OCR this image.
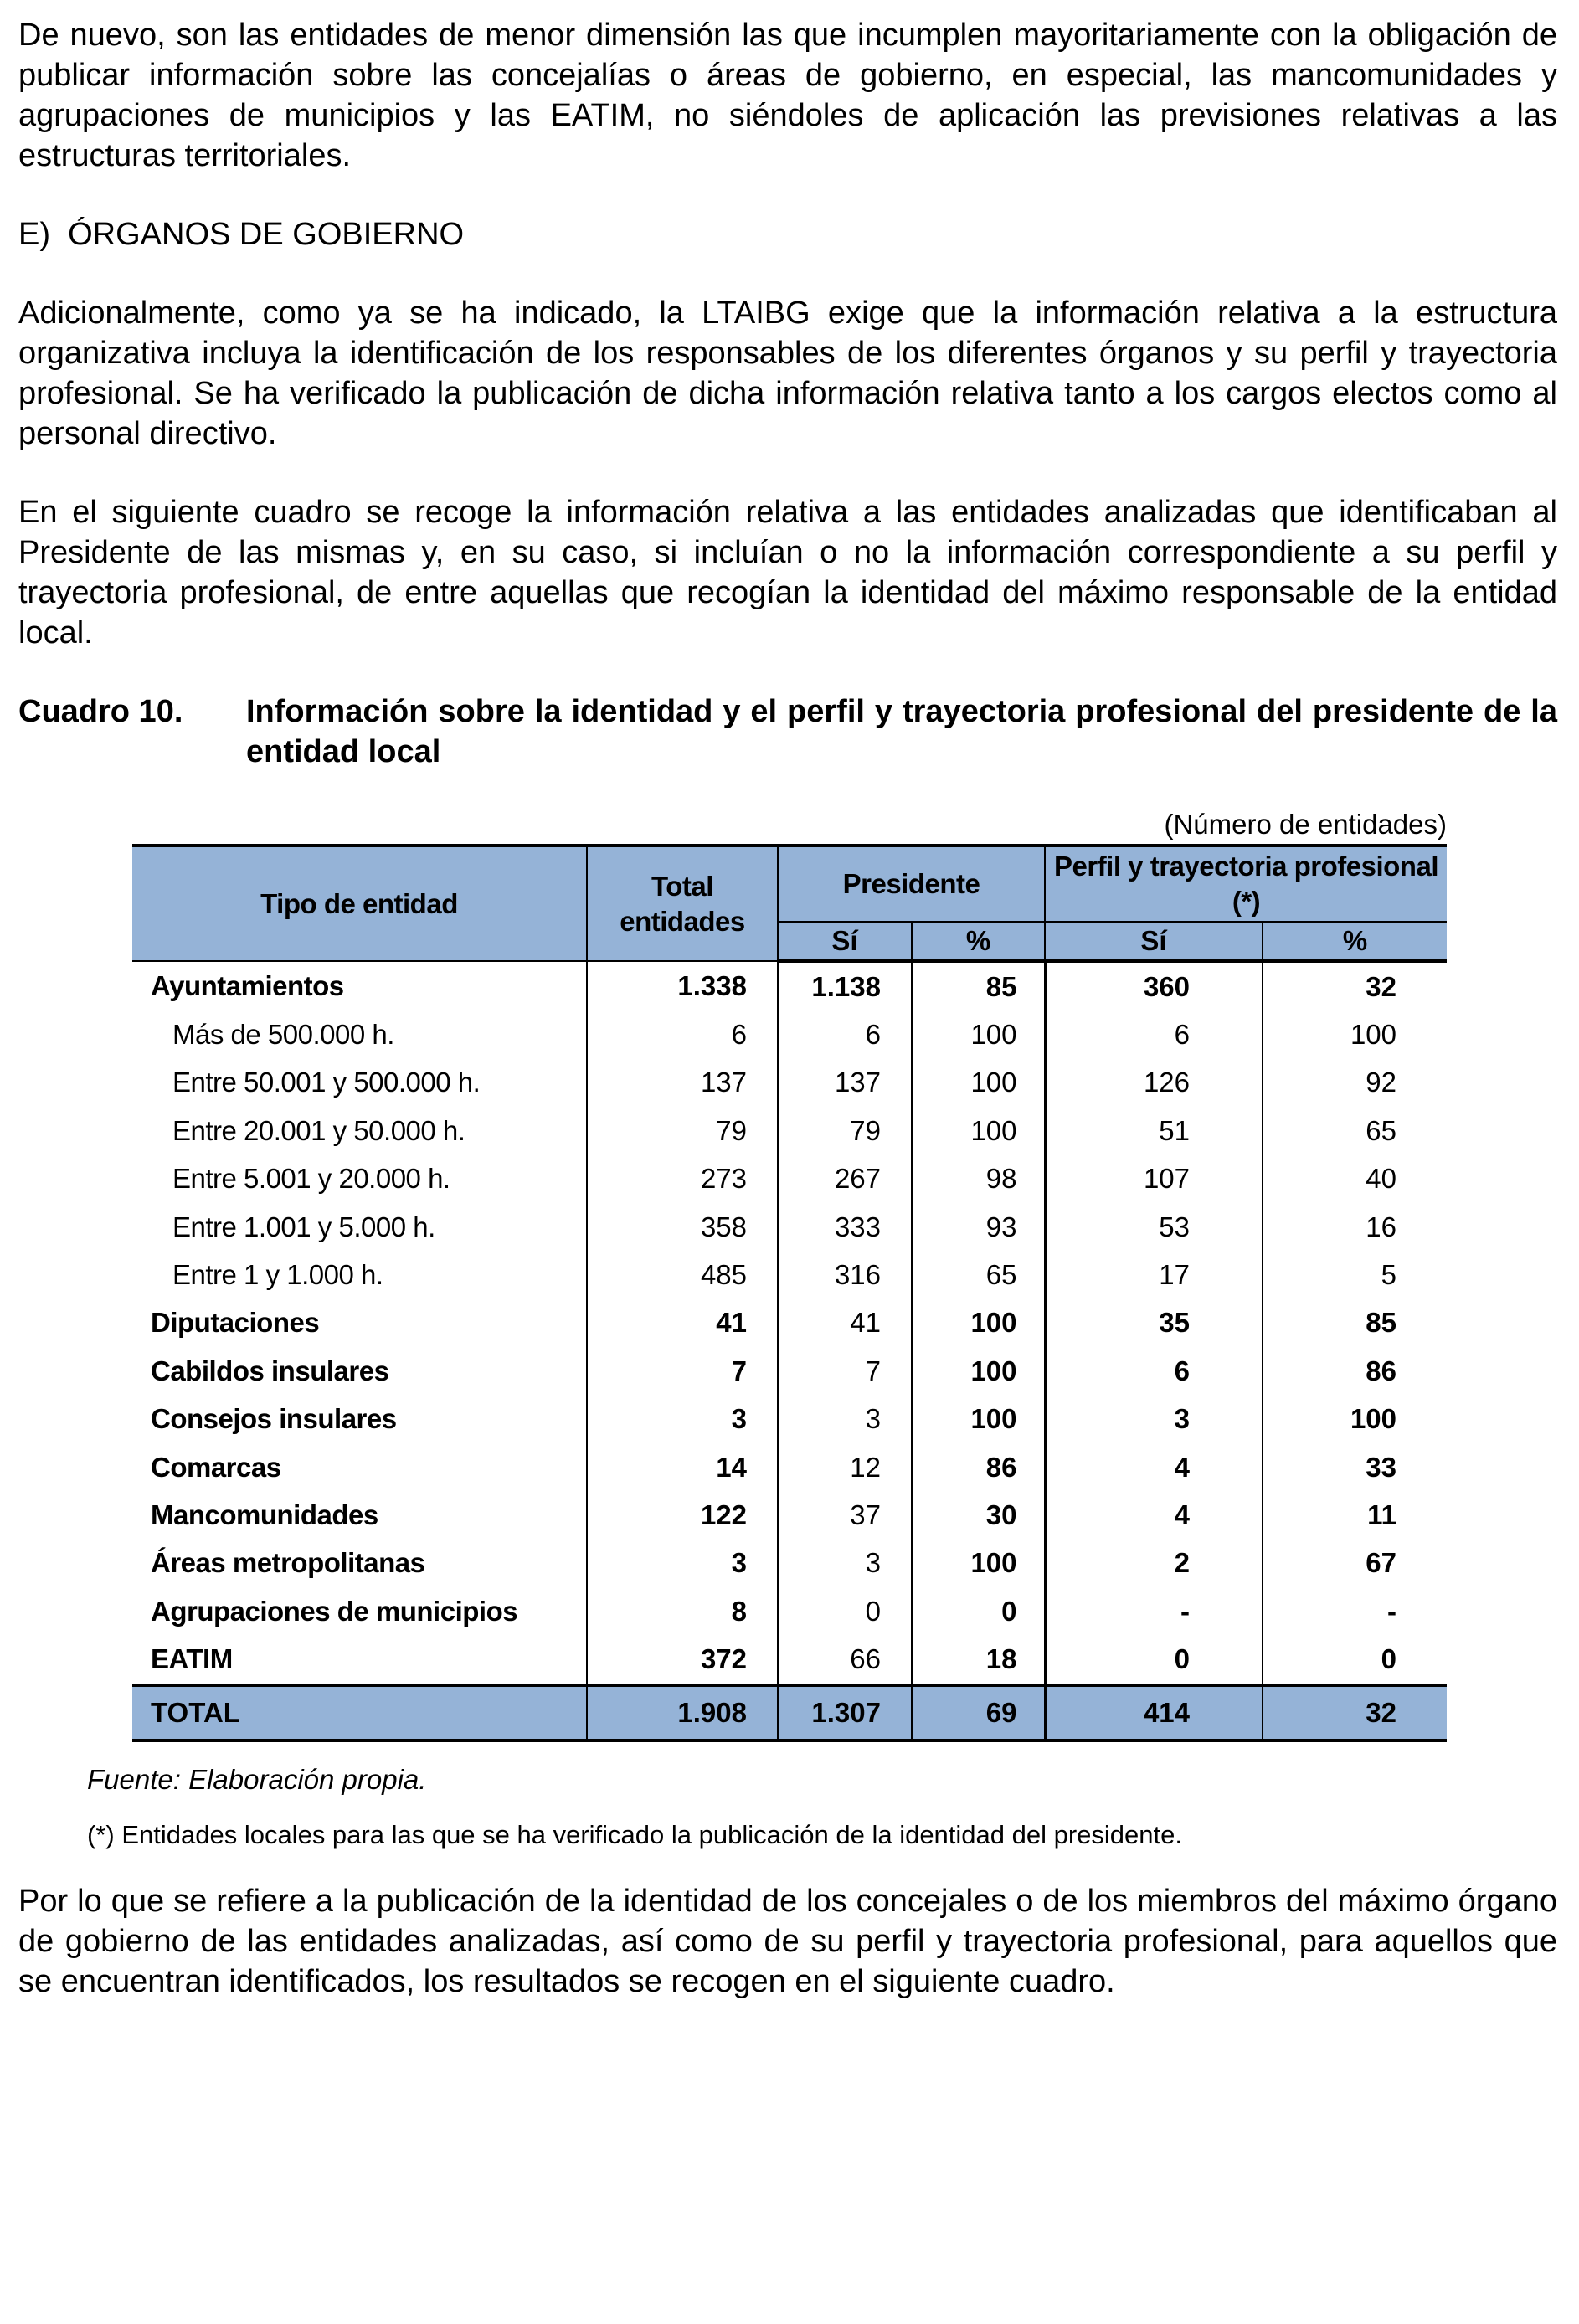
De nuevo, son las entidades de menor dimensión las que incumplen mayoritariamente con la obligación de publicar información sobre las concejalías o áreas de gobierno, en especial, las mancomunidades y agrupaciones de municipios y las EATIM, no siéndoles de aplicación las previsiones relativas a las estructuras territoriales.

E)  ÓRGANOS DE GOBIERNO

Adicionalmente, como ya se ha indicado, la LTAIBG exige que la información relativa a la estructura organizativa incluya la identificación de los responsables de los diferentes órganos y su perfil y trayectoria profesional. Se ha verificado la publicación de dicha información relativa tanto a los cargos electos como al personal directivo.

En el siguiente cuadro se recoge la información relativa a las entidades analizadas que identificaban al Presidente de las mismas y, en su caso, si incluían o no la información correspondiente a su perfil y trayectoria profesional, de entre aquellas que recogían la identidad del máximo responsable de la entidad local.

Cuadro 10.	Información sobre la identidad y el perfil y trayectoria profesional del presidente de la entidad local
(Número de entidades)
Tipo de entidad	Total entidades	Presidente		Perfil y trayectoria profesional (*)	
		Sí	%	Sí	%
Ayuntamientos	1.338	1.138	85	360	32
Más de 500.000 h.	6	6	100	6	100
Entre 50.001 y 500.000 h.	137	137	100	126	92
Entre 20.001 y 50.000 h.	79	79	100	51	65
Entre 5.001 y 20.000 h.	273	267	98	107	40
Entre 1.001 y 5.000 h.	358	333	93	53	16
Entre 1 y 1.000 h.	485	316	65	17	5
Diputaciones	41	41	100	35	85
Cabildos insulares	7	7	100	6	86
Consejos insulares	3	3	100	3	100
Comarcas	14	12	86	4	33
Mancomunidades	122	37	30	4	11
Áreas metropolitanas	3	3	100	2	67
Agrupaciones de municipios	8	0	0	-	-
EATIM	372	66	18	0	0
TOTAL	1.908	1.307	69	414	32
Fuente: Elaboración propia.
(*) Entidades locales para las que se ha verificado la publicación de la identidad del presidente.

Por lo que se refiere a la publicación de la identidad de los concejales o de los miembros del máximo órgano de gobierno de las entidades analizadas, así como de su perfil y trayectoria profesional, para aquellos que se encuentran identificados, los resultados se recogen en el siguiente cuadro.
